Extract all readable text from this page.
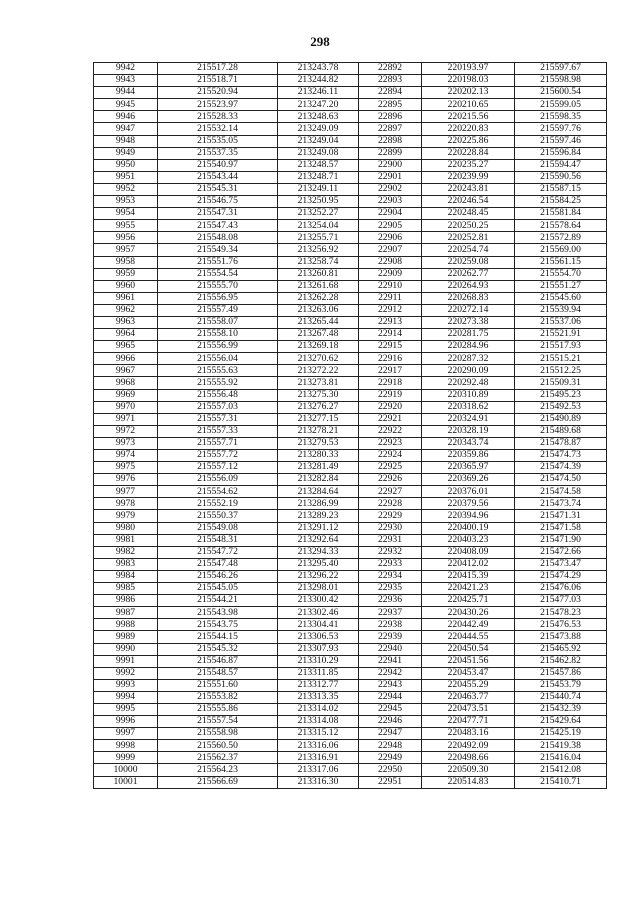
298
9942	215517.28	213243.78	22892	220193.97	215597.67
9943	215518.71	213244.82	22893	220198.03	215598.98
9944	215520.94	213246.11	22894	220202.13	215600.54
9945	215523.97	213247.20	22895	220210.65	215599.05
9946	215528.33	213248.63	22896	220215.56	215598.35
9947	215532.14	213249.09	22897	220220.83	215597.76
9948	215535.05	213249.04	22898	220225.86	215597.46
9949	215537.35	213249.08	22899	220228.84	215596.84
9950	215540.97	213248.57	22900	220235.27	215594.47
9951	215543.44	213248.71	22901	220239.99	215590.56
9952	215545.31	213249.11	22902	220243.81	215587.15
9953	215546.75	213250.95	22903	220246.54	215584.25
9954	215547.31	213252.27	22904	220248.45	215581.84
9955	215547.43	213254.04	22905	220250.25	215578.64
9956	215548.08	213255.71	22906	220252.81	215572.89
9957	215549.34	213256.92	22907	220254.74	215569.00
9958	215551.76	213258.74	22908	220259.08	215561.15
9959	215554.54	213260.81	22909	220262.77	215554.70
9960	215555.70	213261.68	22910	220264.93	215551.27
9961	215556.95	213262.28	22911	220268.83	215545.60
9962	215557.49	213263.06	22912	220272.14	215539.94
9963	215558.07	213265.44	22913	220273.38	215537.06
9964	215558.10	213267.48	22914	220281.75	215521.91
9965	215556.99	213269.18	22915	220284.96	215517.93
9966	215556.04	213270.62	22916	220287.32	215515.21
9967	215555.63	213272.22	22917	220290.09	215512.25
9968	215555.92	213273.81	22918	220292.48	215509.31
9969	215556.48	213275.30	22919	220310.89	215495.23
9970	215557.03	213276.27	22920	220318.62	215492.53
9971	215557.31	213277.15	22921	220324.91	215490.89
9972	215557.33	213278.21	22922	220328.19	215489.68
9973	215557.71	213279.53	22923	220343.74	215478.87
9974	215557.72	213280.33	22924	220359.86	215474.73
9975	215557.12	213281.49	22925	220365.97	215474.39
9976	215556.09	213282.84	22926	220369.26	215474.50
9977	215554.62	213284.64	22927	220376.01	215474.58
9978	215552.19	213286.99	22928	220379.56	215473.74
9979	215550.37	213289.23	22929	220394.96	215471.31
9980	215549.08	213291.12	22930	220400.19	215471.58
9981	215548.31	213292.64	22931	220403.23	215471.90
9982	215547.72	213294.33	22932	220408.09	215472.66
9983	215547.48	213295.40	22933	220412.02	215473.47
9984	215546.26	213296.22	22934	220415.39	215474.29
9985	215545.05	213298.01	22935	220421.23	215476.06
9986	215544.21	213300.42	22936	220425.71	215477.03
9987	215543.98	213302.46	22937	220430.26	215478.23
9988	215543.75	213304.41	22938	220442.49	215476.53
9989	215544.15	213306.53	22939	220444.55	215473.88
9990	215545.32	213307.93	22940	220450.54	215465.92
9991	215546.87	213310.29	22941	220451.56	215462.82
9992	215548.57	213311.85	22942	220453.47	215457.86
9993	215551.60	213312.77	22943	220455.29	215453.79
9994	215553.82	213313.35	22944	220463.77	215440.74
9995	215555.86	213314.02	22945	220473.51	215432.39
9996	215557.54	213314.08	22946	220477.71	215429.64
9997	215558.98	213315.12	22947	220483.16	215425.19
9998	215560.50	213316.06	22948	220492.09	215419.38
9999	215562.37	213316.91	22949	220498.66	215416.04
10000	215564.23	213317.06	22950	220509.30	215412.08
10001	215566.69	213316.30	22951	220514.83	215410.71
